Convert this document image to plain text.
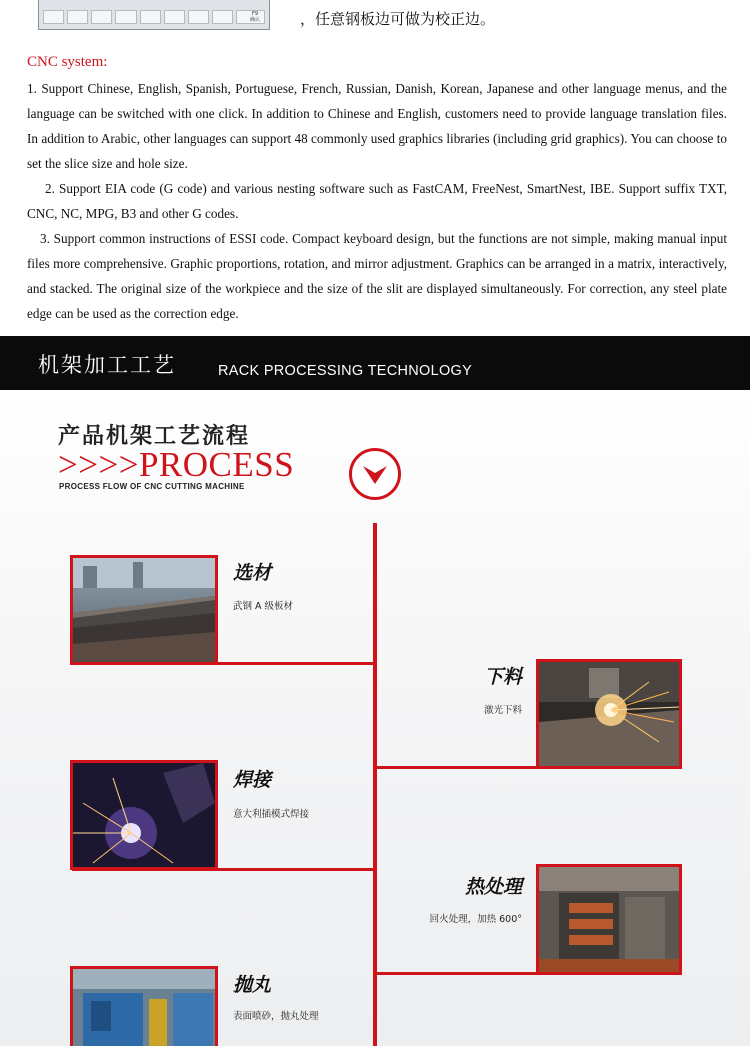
F9
确认	，任意钢板边可做为校正边。
CNC system:

1. Support Chinese, English, Spanish, Portuguese, French, Russian, Danish, Korean, Japanese and other language menus, and the language can be switched with one click. In addition to Chinese and English, customers need to provide language translation files. In addition to Arabic, other languages can support 48 commonly used graphics libraries (including grid graphics). You can choose to set the slice size and hole size.

2. Support EIA code (G code) and various nesting software such as FastCAM, FreeNest, SmartNest, IBE. Support suffix TXT, CNC, NC, MPG, B3 and other G codes.

3. Support common instructions of ESSI code. Compact keyboard design, but the functions are not simple, making manual input files more comprehensive. Graphic proportions, rotation, and mirror adjustment. Graphics can be arranged in a matrix, interactively, and stacked. The original size of the workpiece and the size of the slit are displayed simultaneously. For correction, any steel plate edge can be used as the correction edge.

机架加工工艺	RACK PROCESSING TECHNOLOGY
产品机架工艺流程
>>>>PROCESS
PROCESS FLOW OF CNC CUTTING MACHINE
选材
武钢 A 级板材
下料
激光下料
焊接
意大利插模式焊接
热处理
回火处理，加热 600°
抛丸
表面喷砂，抛丸处理
